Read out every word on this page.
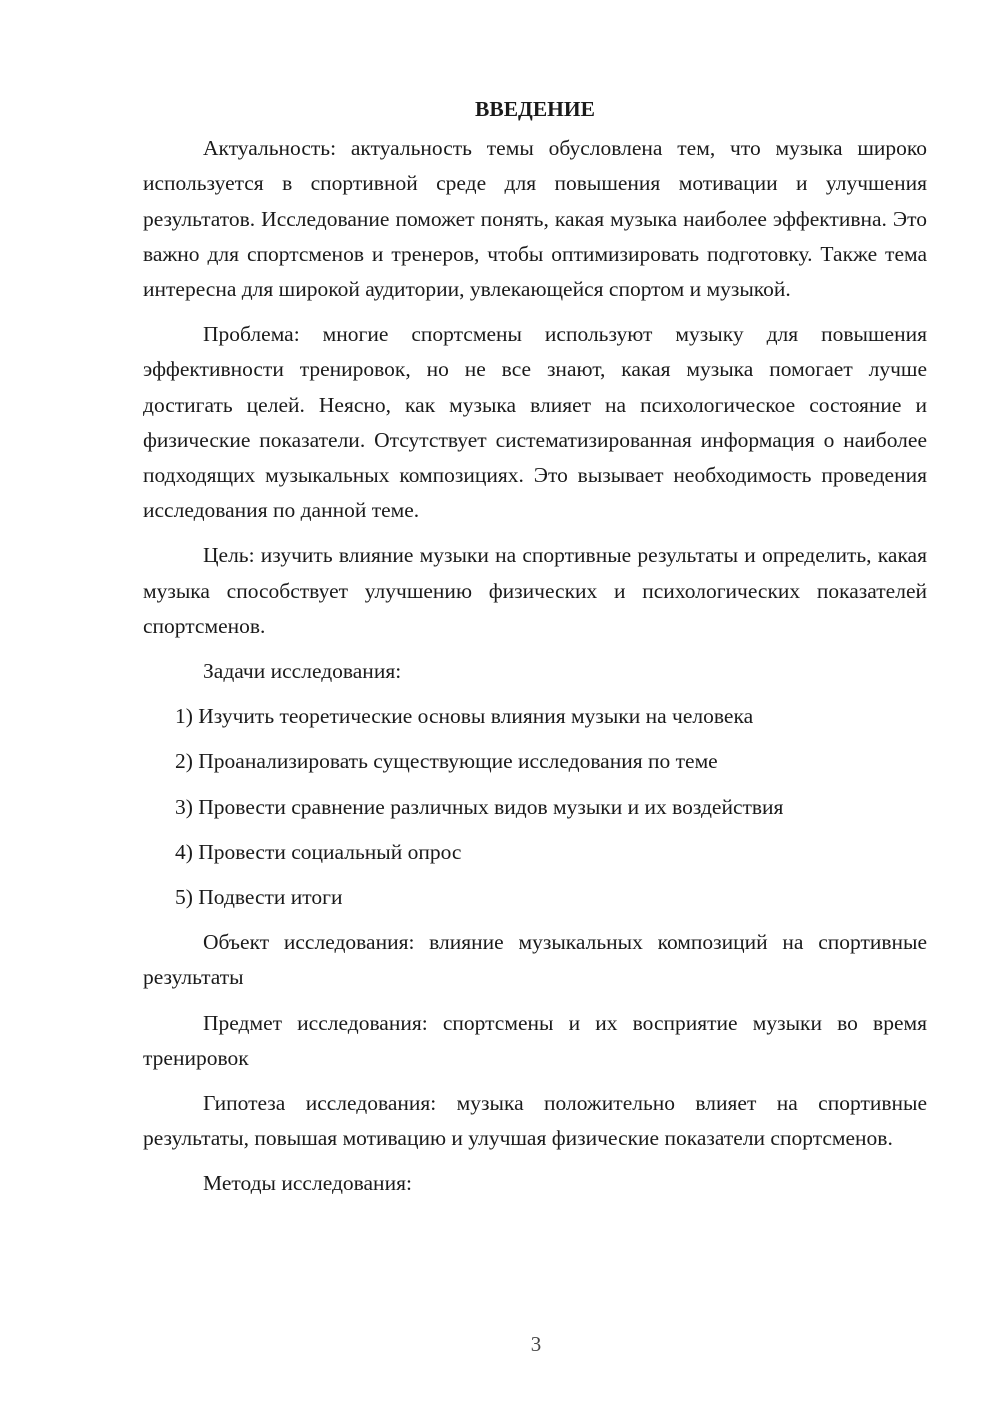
ВВЕДЕНИЕ

Актуальность: актуальность темы обусловлена тем, что музыка широко используется в спортивной среде для повышения мотивации и улучшения результатов. Исследование поможет понять, какая музыка наиболее эффективна. Это важно для спортсменов и тренеров, чтобы оптимизировать подготовку. Также тема интересна для широкой аудитории, увлекающейся спортом и музыкой.

Проблема: многие спортсмены используют музыку для повышения эффективности тренировок, но не все знают, какая музыка помогает лучше достигать целей. Неясно, как музыка влияет на психологическое состояние и физические показатели. Отсутствует систематизированная информация о наиболее подходящих музыкальных композициях. Это вызывает необходимость проведения исследования по данной теме.

Цель: изучить влияние музыки на спортивные результаты и определить, какая музыка способствует улучшению физических и психологических показателей спортсменов.

Задачи исследования:

1) Изучить теоретические основы влияния музыки на человека
2) Проанализировать существующие исследования по теме
3) Провести сравнение различных видов музыки и их воздействия
4) Провести социальный опрос
5) Подвести итоги

Объект исследования: влияние музыкальных композиций на спортивные результаты

Предмет исследования: спортсмены и их восприятие музыки во время тренировок

Гипотеза исследования: музыка положительно влияет на спортивные результаты, повышая мотивацию и улучшая физические показатели спортсменов.

Методы исследования:

3
